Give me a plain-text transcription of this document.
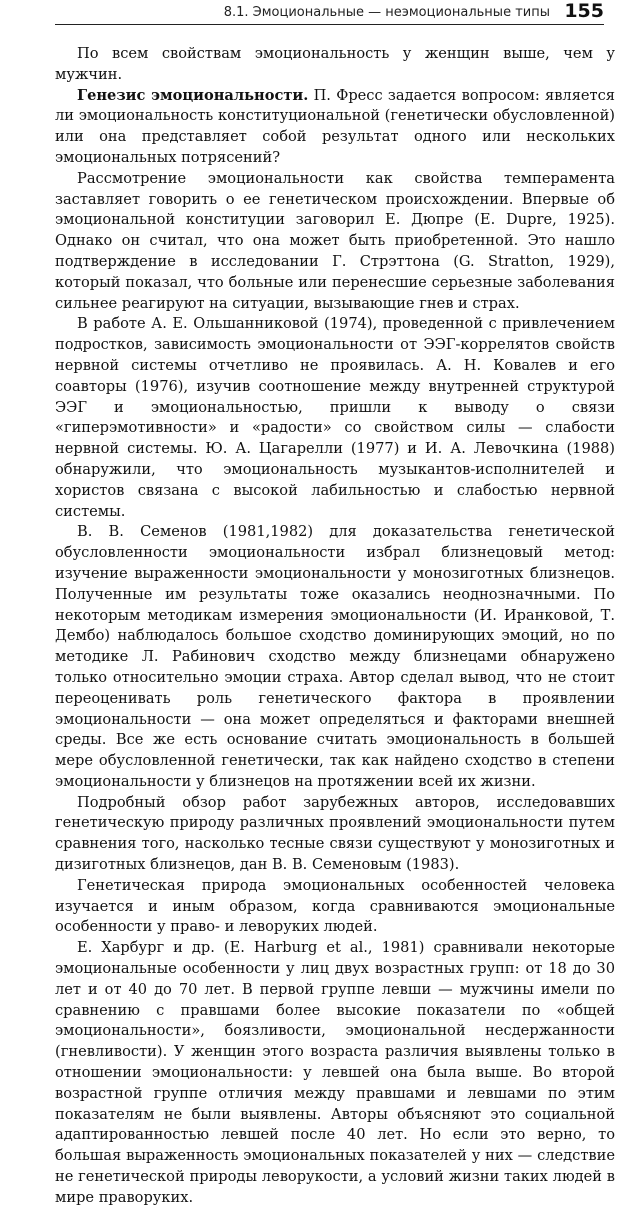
8.1. Эмоциональные — неэмоциональные типы 155

По всем свойствам эмоциональность у женщин выше, чем у мужчин.

Генезис эмоциональности. П. Фресс задается вопросом: является ли эмоциональность конституциональной (генетически обусловленной) или она представляет собой результат одного или нескольких эмоциональных потрясений?

Рассмотрение эмоциональности как свойства темперамента заставляет говорить о ее генетическом происхождении. Впервые об эмоциональной конституции заговорил Е. Дюпре (Е. Dupre, 1925). Однако он считал, что она может быть приобретенной. Это нашло подтверждение в исследовании Г. Стрэттона (G. Stratton, 1929), который показал, что больные или перенесшие серьезные заболевания сильнее реагируют на ситуации, вызывающие гнев и страх.

В работе А. Е. Ольшанниковой (1974), проведенной с привлечением подростков, зависимость эмоциональности от ЭЭГ-коррелятов свойств нервной системы отчетливо не проявилась. А. Н. Ковалев и его соавторы (1976), изучив соотношение между внутренней структурой ЭЭГ и эмоциональностью, пришли к выводу о связи «гиперэмотивности» и «радости» со свойством силы — слабости нервной системы. Ю. А. Цагарелли (1977) и И. А. Левочкина (1988) обнаружили, что эмоциональность музыкантов-исполнителей и хористов связана с высокой лабильностью и слабостью нервной системы.

В. В. Семенов (1981,1982) для доказательства генетической обусловленности эмоциональности избрал близнецовый метод: изучение выраженности эмоциональности у монозиготных близнецов. Полученные им результаты тоже оказались неоднозначными. По некоторым методикам измерения эмоциональности (И. Иранковой, Т. Дембо) наблюдалось большое сходство доминирующих эмоций, но по методике Л. Рабинович сходство между близнецами обнаружено только относительно эмоции страха. Автор сделал вывод, что не стоит переоценивать роль генетического фактора в проявлении эмоциональности — она может определяться и факторами внешней среды. Все же есть основание считать эмоциональность в большей мере обусловленной генетически, так как найдено сходство в степени эмоциональности у близнецов на протяжении всей их жизни.

Подробный обзор работ зарубежных авторов, исследовавших генетическую природу различных проявлений эмоциональности путем сравнения того, насколько тесные связи существуют у монозиготных и дизиготных близнецов, дан В. В. Семеновым (1983).

Генетическая природа эмоциональных особенностей человека изучается и иным образом, когда сравниваются эмоциональные особенности у право- и леворуких людей.

Е. Харбург и др. (Е. Harburg et al., 1981) сравнивали некоторые эмоциональные особенности у лиц двух возрастных групп: от 18 до 30 лет и от 40 до 70 лет. В первой группе левши — мужчины имели по сравнению с правшами более высокие показатели по «общей эмоциональности», боязливости, эмоциональной несдержанности (гневливости). У женщин этого возраста различия выявлены только в отношении эмоциональности: у левшей она была выше. Во второй возрастной группе отличия между правшами и левшами по этим показателям не были выявлены. Авторы объясняют это социальной адаптированностью левшей после 40 лет. Но если это верно, то большая выраженность эмоциональных показателей у них — следствие не генетической природы леворукости, а условий жизни таких людей в мире праворуких.
